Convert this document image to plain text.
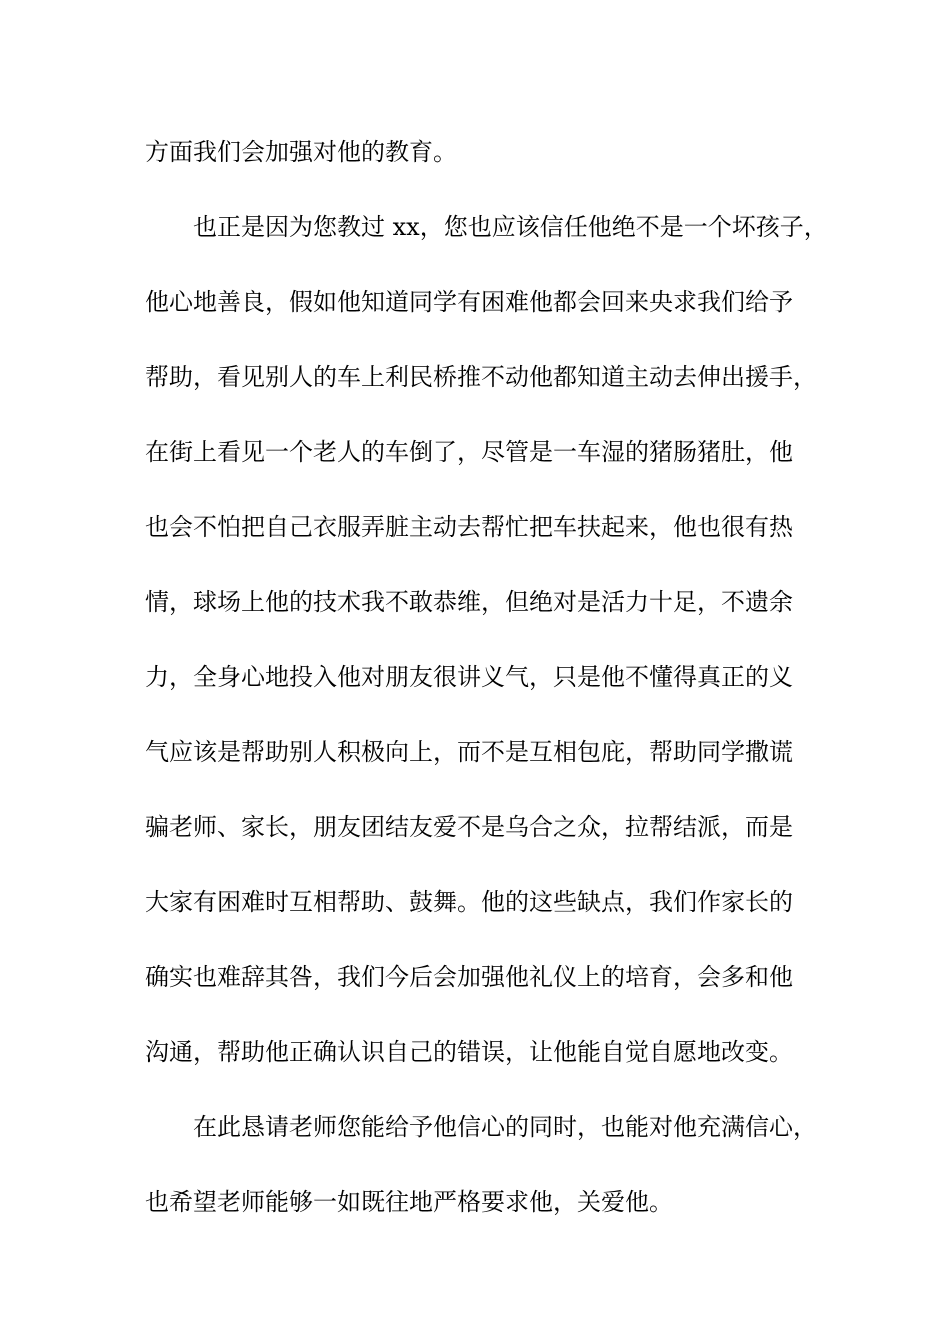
方面我们会加强对他的教育。
也正是因为您教过 xx，您也应该信任他绝不是一个坏孩子，
他心地善良，假如他知道同学有困难他都会回来央求我们给予
帮助，看见别人的车上利民桥推不动他都知道主动去伸出援手，
在街上看见一个老人的车倒了，尽管是一车湿的猪肠猪肚，他
也会不怕把自己衣服弄脏主动去帮忙把车扶起来，他也很有热
情，球场上他的技术我不敢恭维，但绝对是活力十足，不遗余
力，全身心地投入他对朋友很讲义气，只是他不懂得真正的义
气应该是帮助别人积极向上，而不是互相包庇，帮助同学撒谎
骗老师、家长，朋友团结友爱不是乌合之众，拉帮结派，而是
大家有困难时互相帮助、鼓舞。他的这些缺点，我们作家长的
确实也难辞其咎，我们今后会加强他礼仪上的培育，会多和他
沟通，帮助他正确认识自己的错误，让他能自觉自愿地改变。
在此恳请老师您能给予他信心的同时，也能对他充满信心，
也希望老师能够一如既往地严格要求他，关爱他。
